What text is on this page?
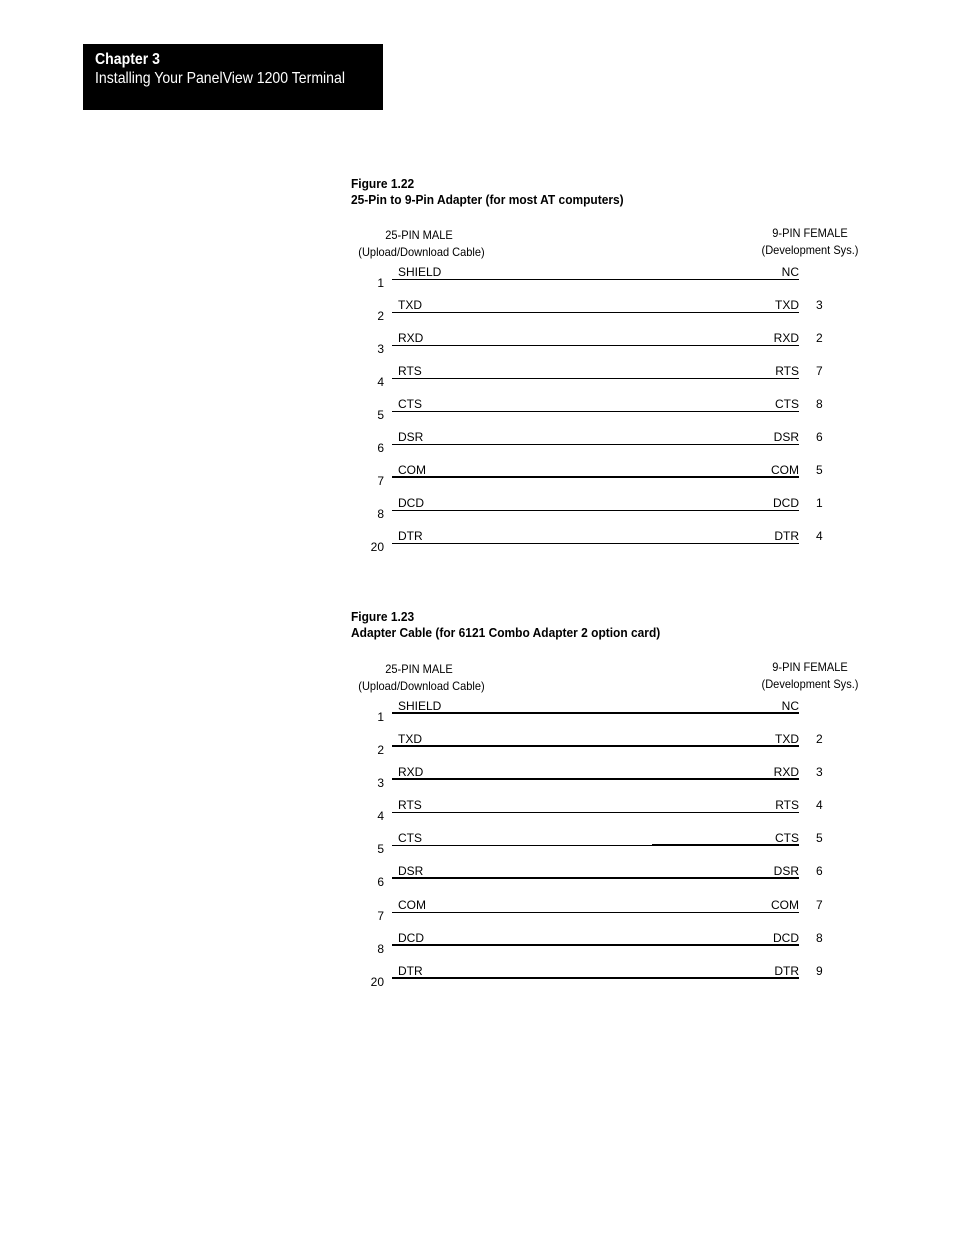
Chapter 3
Installing Your PanelView 1200 Terminal
Figure 1.22
25-Pin to 9-Pin Adapter (for most AT computers)
25-PIN MALE
(Upload/Download Cable)
9-PIN FEMALE
(Development Sys.)
1
SHIELD	NC
2
TXD	TXD 3
3
RXD	RXD 2
4
RTS	RTS 7
5
CTS	CTS 8
6
DSR	DSR 6
7
COM	COM 5
8
DCD	DCD 1
20
DTR	DTR 4
Figure 1.23
Adapter Cable (for 6121 Combo Adapter 2 option card)
25-PIN MALE
(Upload/Download Cable)
9-PIN FEMALE
(Development Sys.)
1
SHIELD	NC
2
TXD	TXD 2
3
RXD	RXD 3
4
RTS	RTS 4
5
CTS	CTS 5
6
DSR	DSR 6
7
COM	COM 7
8
DCD	DCD 8
20
DTR	DTR 9
